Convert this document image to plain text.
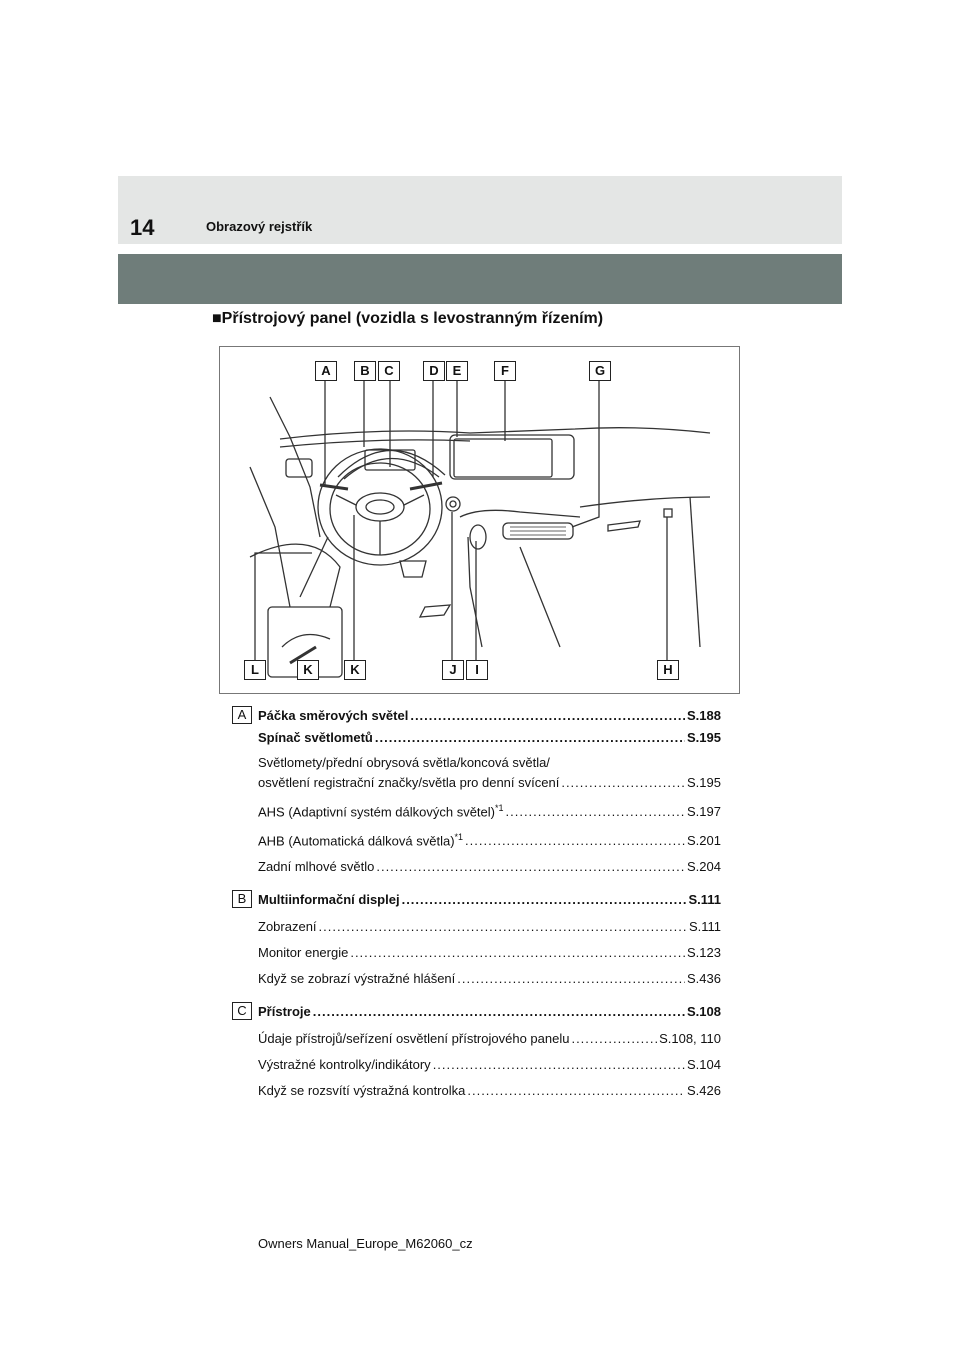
14	Obrazový rejstřík
■Přístrojový panel (vozidla s levostranným řízením)
A	B	C	D	E	F	G
L	K	K	J	I	H
A Páčka směrových světel .....	S.188
Spínač světlometů .....	S.195
Světlomety/přední obrysová světla/koncová světla/
osvětlení registrační značky/světla pro denní svícení .....	S.195
AHS (Adaptivní systém dálkových světel)$^{*1}$ .....	S.197
AHB (Automatická dálková světla)$^{*1}$ .....	S.201
Zadní mlhové světlo .....	S.204
B Multiinformační displej .....	S.111
Zobrazení .....	S.111
Monitor energie .....	S.123
Když se zobrazí výstražné hlášení .....	S.436
C Přístroje .....	S.108
Údaje přístrojů/seřízení osvětlení přístrojového panelu .....	S.108, 110
Výstražné kontrolky/indikátory .....	S.104
Když se rozsvítí výstražná kontrolka .....	S.426
Owners Manual_Europe_M62060_cz
